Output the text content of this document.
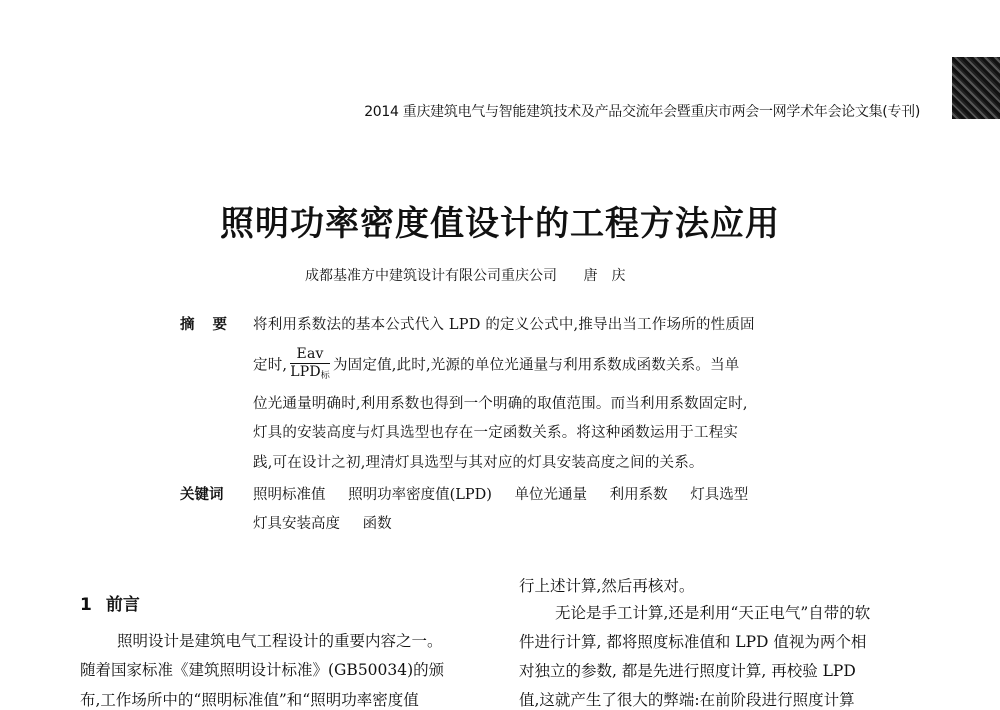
2014 重庆建筑电气与智能建筑技术及产品交流年会暨重庆市两会一网学术年会论文集(专刊)
照明功率密度值设计的工程方法应用
成都基准方中建筑设计有限公司重庆公司 唐庆
摘要 将利用系数法的基本公式代入 LPD 的定义公式中,推导出当工作场所的性质固
定时, $\frac{\text{Eav}}{LPD_标}$ 为固定值,此时,光源的单位光通量与利用系数成函数关系。当单
位光通量明确时,利用系数也得到一个明确的取值范围。而当利用系数固定时,
灯具的安装高度与灯具选型也存在一定函数关系。将这种函数运用于工程实
践,可在设计之初,理清灯具选型与其对应的灯具安装高度之间的关系。
关键词 照明标准值 照明功率密度值(LPD) 单位光通量 利用系数 灯具选型
灯具安装高度 函数
1 前言
照明设计是建筑电气工程设计的重要内容之一。
随着国家标准《建筑照明设计标准》(GB50034)的颁
布,工作场所中的“照明标准值”和“照明功率密度值
行上述计算,然后再核对。
无论是手工计算,还是利用“天正电气”自带的软
件进行计算, 都将照度标准值和 LPD 值视为两个相
对独立的参数, 都是先进行照度计算, 再校验 LPD
值,这就产生了很大的弊端:在前阶段进行照度计算
